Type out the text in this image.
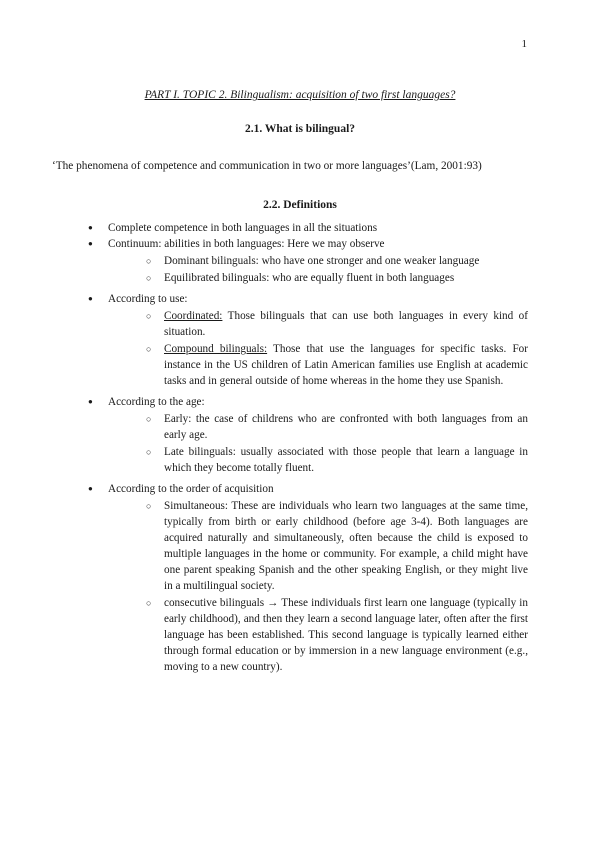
1
PART I. TOPIC 2. Bilingualism: acquisition of two first languages?
2.1. What is bilingual?
‘The phenomena of competence and communication in two or more languages’(Lam, 2001:93)
2.2. Definitions
● Complete competence in both languages in all the situations
● Continuum: abilities in both languages: Here we may observe
○ Dominant bilinguals: who have one stronger and one weaker language
○ Equilibrated bilinguals: who are equally fluent in both languages
● According to use:
○ Coordinated: Those bilinguals that can use both languages in every kind of situation.
○ Compound bilinguals: Those that use the languages for specific tasks. For instance in the US children of Latin American families use English at academic tasks and in general outside of home whereas in the home they use Spanish.
● According to the age:
○ Early: the case of childrens who are confronted with both languages from an early age.
○ Late bilinguals: usually associated with those people that learn a language in which they become totally fluent.
● According to the order of acquisition
○ Simultaneous: These are individuals who learn two languages at the same time, typically from birth or early childhood (before age 3-4). Both languages are acquired naturally and simultaneously, often because the child is exposed to multiple languages in the home or community. For example, a child might have one parent speaking Spanish and the other speaking English, or they might live in a multilingual society.
○ consecutive bilinguals → These individuals first learn one language (typically in early childhood), and then they learn a second language later, often after the first language has been established. This second language is typically learned either through formal education or by immersion in a new language environment (e.g., moving to a new country).
